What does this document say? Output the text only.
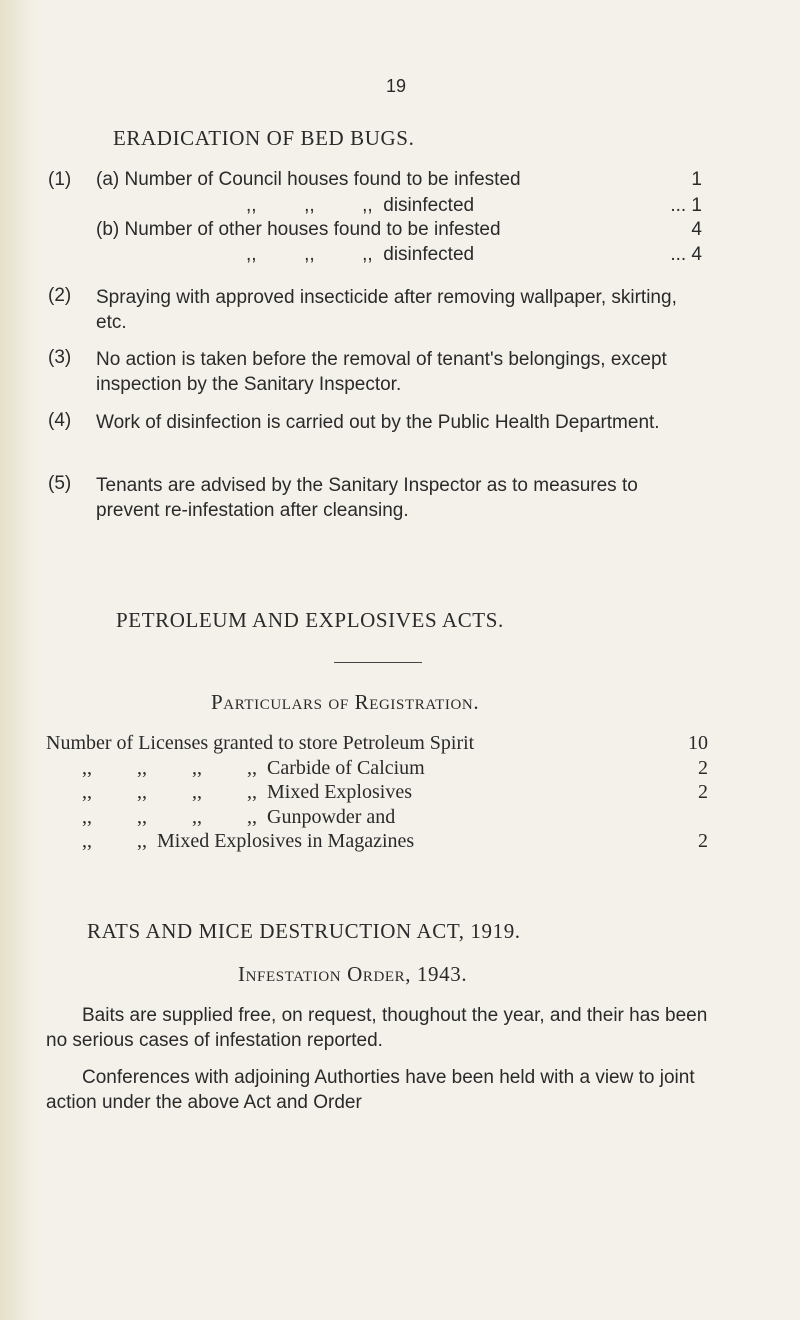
19
ERADICATION OF BED BUGS.
(1) (a) Number of Council houses found to be infested	1
,,         ,,         ,,  disinfected	... 1
(b) Number of other houses found to be infested	4
,,         ,,         ,,  disinfected	... 4
(2) Spraying with approved insecticide after removing wallpaper, skirting, etc.
(3) No action is taken before the removal of tenant's belongings, except inspection by the Sanitary Inspector.
(4) Work of disinfection is carried out by the Public Health Department.
(5) Tenants are advised by the Sanitary Inspector as to measures to prevent re-infestation after cleansing.
PETROLEUM AND EXPLOSIVES ACTS.
Particulars of Registration.
Number of Licenses granted to store Petroleum Spirit	10
,,         ,,         ,,         ,,  Carbide of Calcium	2
,,         ,,         ,,         ,,  Mixed Explosives	2
,,         ,,         ,,         ,,  Gunpowder and
,,         ,,  Mixed Explosives in Magazines	2
RATS AND MICE DESTRUCTION ACT, 1919.
Infestation Order, 1943.
Baits are supplied free, on request, thoughout the year, and their has been no serious cases of infestation reported.
Conferences with adjoining Authorties have been held with a view to joint action under the above Act and Order
